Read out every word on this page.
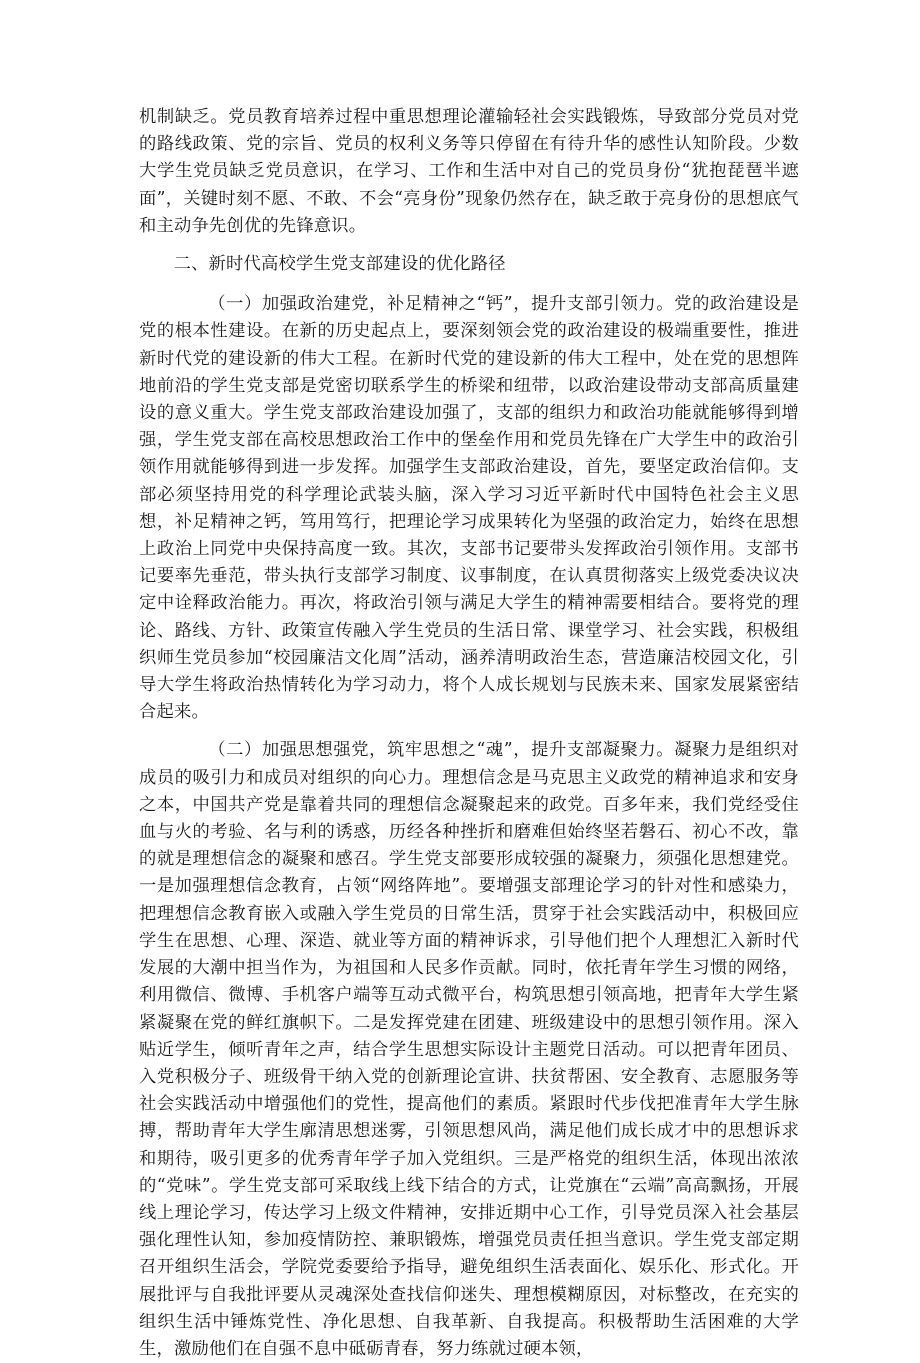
机制缺乏。党员教育培养过程中重思想理论灌输轻社会实践锻炼，导致部分党员对党的路线政策、党的宗旨、党员的权利义务等只停留在有待升华的感性认知阶段。少数大学生党员缺乏党员意识，在学习、工作和生活中对自己的党员身份“犹抱琵琶半遮面”，关键时刻不愿、不敢、不会“亮身份”现象仍然存在，缺乏敢于亮身份的思想底气和主动争先创优的先锋意识。

二、新时代高校学生党支部建设的优化路径

（一）加强政治建党，补足精神之“钙”，提升支部引领力。党的政治建设是党的根本性建设。在新的历史起点上，要深刻领会党的政治建设的极端重要性，推进新时代党的建设新的伟大工程。在新时代党的建设新的伟大工程中，处在党的思想阵地前沿的学生党支部是党密切联系学生的桥梁和纽带，以政治建设带动支部高质量建设的意义重大。学生党支部政治建设加强了，支部的组织力和政治功能就能够得到增强，学生党支部在高校思想政治工作中的堡垒作用和党员先锋在广大学生中的政治引领作用就能够得到进一步发挥。加强学生支部政治建设，首先，要坚定政治信仰。支部必须坚持用党的科学理论武装头脑，深入学习习近平新时代中国特色社会主义思想，补足精神之钙，笃用笃行，把理论学习成果转化为坚强的政治定力，始终在思想上政治上同党中央保持高度一致。其次，支部书记要带头发挥政治引领作用。支部书记要率先垂范，带头执行支部学习制度、议事制度，在认真贯彻落实上级党委决议决定中诠释政治能力。再次，将政治引领与满足大学生的精神需要相结合。要将党的理论、路线、方针、政策宣传融入学生党员的生活日常、课堂学习、社会实践，积极组织师生党员参加“校园廉洁文化周”活动，涵养清明政治生态，营造廉洁校园文化，引导大学生将政治热情转化为学习动力，将个人成长规划与民族未来、国家发展紧密结合起来。

（二）加强思想强党，筑牢思想之“魂”，提升支部凝聚力。凝聚力是组织对成员的吸引力和成员对组织的向心力。理想信念是马克思主义政党的精神追求和安身之本，中国共产党是靠着共同的理想信念凝聚起来的政党。百多年来，我们党经受住血与火的考验、名与利的诱惑，历经各种挫折和磨难但始终坚若磐石、初心不改，靠的就是理想信念的凝聚和感召。学生党支部要形成较强的凝聚力，须强化思想建党。一是加强理想信念教育，占领“网络阵地”。要增强支部理论学习的针对性和感染力，把理想信念教育嵌入或融入学生党员的日常生活，贯穿于社会实践活动中，积极回应学生在思想、心理、深造、就业等方面的精神诉求，引导他们把个人理想汇入新时代发展的大潮中担当作为，为祖国和人民多作贡献。同时，依托青年学生习惯的网络，利用微信、微博、手机客户端等互动式微平台，构筑思想引领高地，把青年大学生紧紧凝聚在党的鲜红旗帜下。二是发挥党建在团建、班级建设中的思想引领作用。深入贴近学生，倾听青年之声，结合学生思想实际设计主题党日活动。可以把青年团员、入党积极分子、班级骨干纳入党的创新理论宣讲、扶贫帮困、安全教育、志愿服务等社会实践活动中增强他们的党性，提高他们的素质。紧跟时代步伐把准青年大学生脉搏，帮助青年大学生廓清思想迷雾，引领思想风尚，满足他们成长成才中的思想诉求和期待，吸引更多的优秀青年学子加入党组织。三是严格党的组织生活，体现出浓浓的“党味”。学生党支部可采取线上线下结合的方式，让党旗在“云端”高高飘扬，开展线上理论学习，传达学习上级文件精神，安排近期中心工作，引导党员深入社会基层强化理性认知，参加疫情防控、兼职锻炼，增强党员责任担当意识。学生党支部定期召开组织生活会，学院党委要给予指导，避免组织生活表面化、娱乐化、形式化。开展批评与自我批评要从灵魂深处查找信仰迷失、理想模糊原因，对标整改，在充实的组织生活中锤炼党性、净化思想、自我革新、自我提高。积极帮助生活困难的大学生，激励他们在自强不息中砥砺青春，努力练就过硬本领，
